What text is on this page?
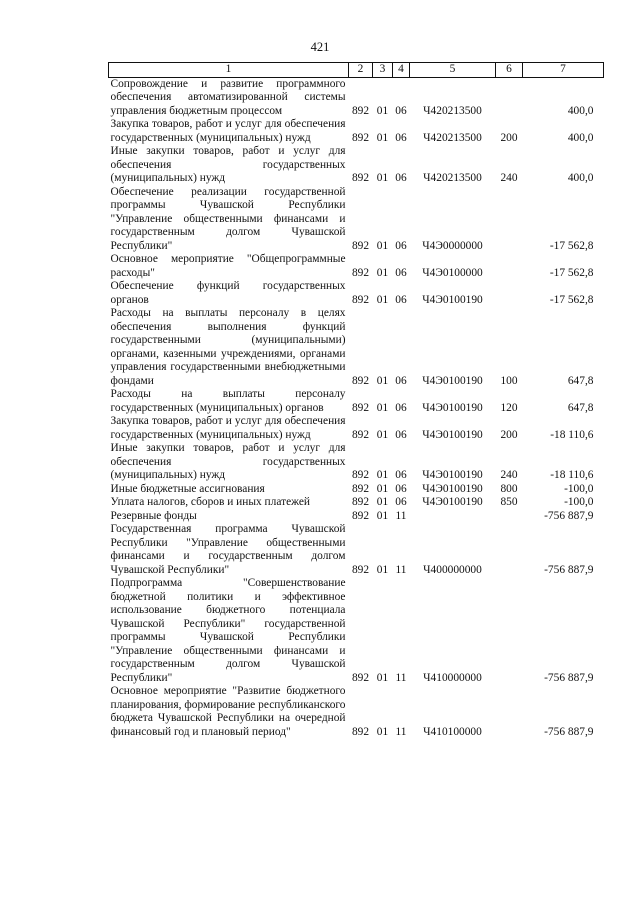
421
1	2	3	4	5	6	7
Сопровождение и развитие программного обеспечения автоматизированной системы управления бюджетным процессом	892	01	06	Ч420213500		400,0
Закупка товаров, работ и услуг для обеспечения государственных (муниципальных) нужд	892	01	06	Ч420213500	200	400,0
Иные закупки товаров, работ и услуг для обеспечения государственных (муниципальных) нужд	892	01	06	Ч420213500	240	400,0
Обеспечение реализации государственной программы Чувашской Республики "Управление общественными финансами и государственным долгом Чувашской Республики"	892	01	06	Ч4Э0000000		-17 562,8
Основное мероприятие "Общепрограммные расходы"	892	01	06	Ч4Э0100000		-17 562,8
Обеспечение функций государственных органов	892	01	06	Ч4Э0100190		-17 562,8
Расходы на выплаты персоналу в целях обеспечения выполнения функций государственными (муниципальными) органами, казенными учреждениями, органами управления государственными внебюджетными фондами	892	01	06	Ч4Э0100190	100	647,8
Расходы на выплаты персоналу государственных (муниципальных) органов	892	01	06	Ч4Э0100190	120	647,8
Закупка товаров, работ и услуг для обеспечения государственных (муниципальных) нужд	892	01	06	Ч4Э0100190	200	-18 110,6
Иные закупки товаров, работ и услуг для обеспечения государственных (муниципальных) нужд	892	01	06	Ч4Э0100190	240	-18 110,6
Иные бюджетные ассигнования	892	01	06	Ч4Э0100190	800	-100,0
Уплата налогов, сборов и иных платежей	892	01	06	Ч4Э0100190	850	-100,0
Резервные фонды	892	01	11			-756 887,9
Государственная программа Чувашской Республики "Управление общественными финансами и государственным долгом Чувашской Республики"	892	01	11	Ч400000000		-756 887,9
Подпрограмма "Совершенствование бюджетной политики и эффективное использование бюджетного потенциала Чувашской Республики" государственной программы Чувашской Республики "Управление общественными финансами и государственным долгом Чувашской Республики"	892	01	11	Ч410000000		-756 887,9
Основное мероприятие "Развитие бюджетного планирования, формирование республиканского бюджета Чувашской Республики на очередной финансовый год и плановый период"	892	01	11	Ч410100000		-756 887,9
